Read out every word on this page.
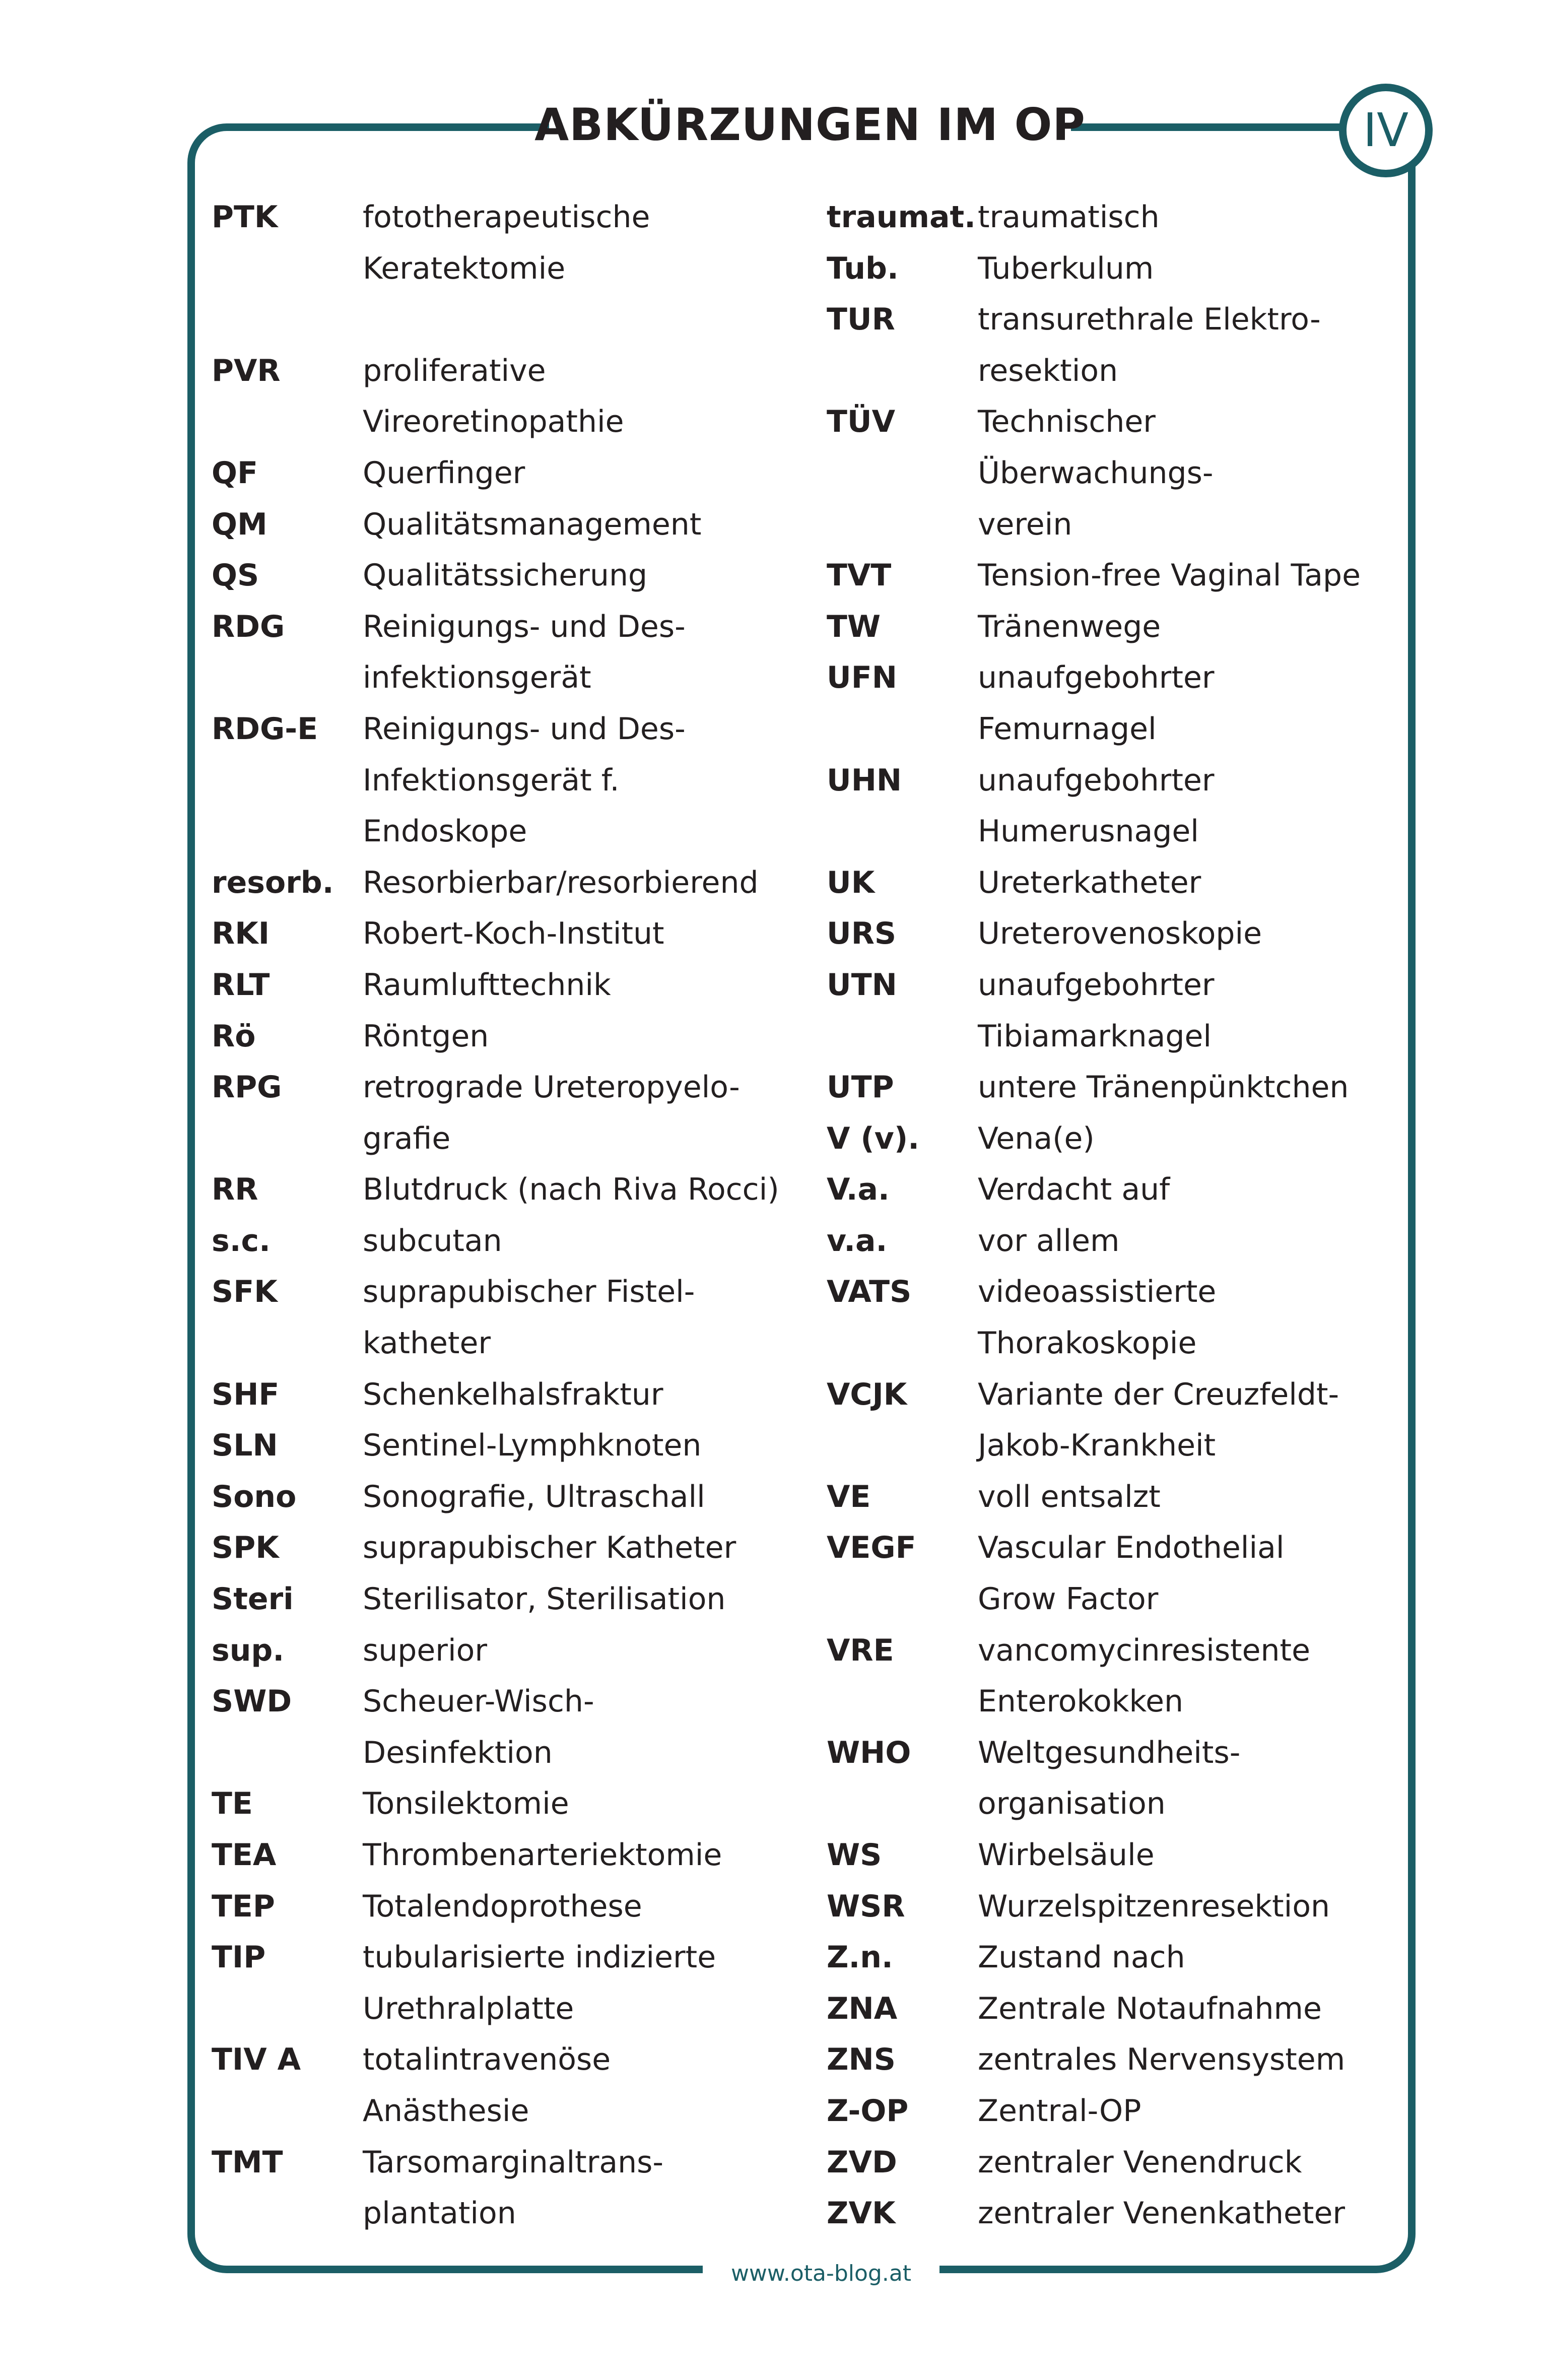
ABKÜRZUNGEN IM OP	IV
PTK	fototherapeutische
Keratektomie
PVR	proliferative
Vireoretinopathie
QF	Querfinger
QM	Qualitätsmanagement
QS	Qualitätssicherung
RDG	Reinigungs- und Des-
infektionsgerät
RDG-E	Reinigungs- und Des-
Infektionsgerät f.
Endoskope
resorb. Resorbierbar/resorbierend
RKI	Robert-Koch-Institut
RLT	Raumlufttechnik
Rö	Röntgen
RPG	retrograde Ureteropyelo-
grafie
RR	Blutdruck (nach Riva Rocci)
s.c.	subcutan
SFK	suprapubischer Fistel-
katheter
SHF	Schenkelhalsfraktur
SLN	Sentinel-Lymphknoten
Sono	Sonografie, Ultraschall
SPK	suprapubischer Katheter
Steri	Sterilisator, Sterilisation
sup.	superior
SWD	Scheuer-Wisch-
Desinfektion
TE	Tonsilektomie
TEA	Thrombenarteriektomie
TEP	Totalendoprothese
TIP	tubularisierte indizierte
Urethralplatte
TIV A	totalintravenöse
Anästhesie
TMT	Tarsomarginaltrans-
plantation
traumat. traumatisch
Tub.	Tuberkulum
TUR	transurethrale Elektro-
resektion
TÜV	Technischer
Überwachungs-
verein
TVT	Tension-free Vaginal Tape
TW	Tränenwege
UFN	unaufgebohrter
Femurnagel
UHN	unaufgebohrter
Humerusnagel
UK	Ureterkatheter
URS	Ureterovenoskopie
UTN	unaufgebohrter
Tibiamarknagel
UTP	untere Tränenpünktchen
V (v).	Vena(e)
V.a.	Verdacht auf
v.a.	vor allem
VATS	videoassistierte
Thorakoskopie
VCJK	Variante der Creuzfeldt-
Jakob-Krankheit
VE	voll entsalzt
VEGF	Vascular Endothelial
Grow Factor
VRE	vancomycinresistente
Enterokokken
WHO	Weltgesundheits-
organisation
WS	Wirbelsäule
WSR	Wurzelspitzenresektion
Z.n.	Zustand nach
ZNA	Zentrale Notaufnahme
ZNS	zentrales Nervensystem
Z-OP	Zentral-OP
ZVD	zentraler Venendruck
ZVK	zentraler Venenkatheter
www.ota-blog.at
